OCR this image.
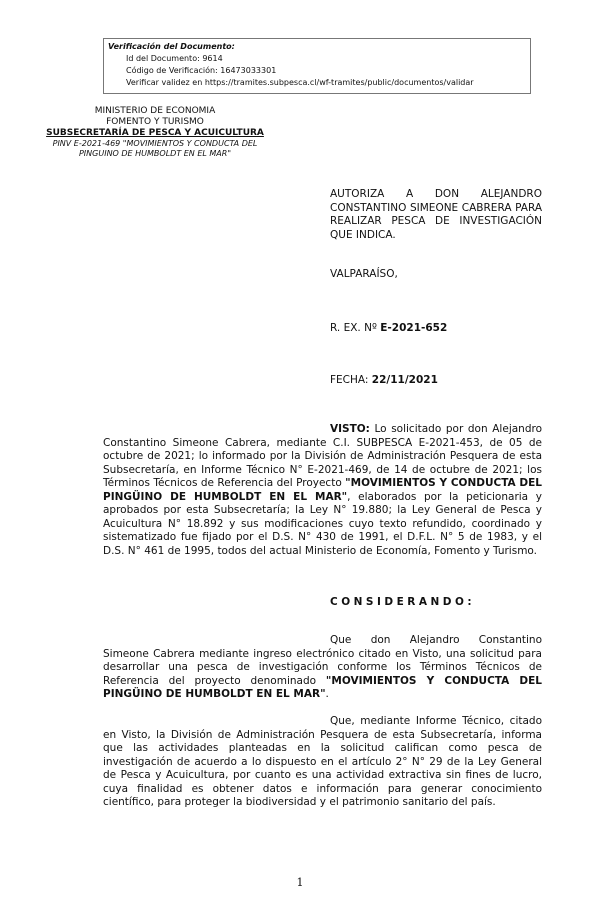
Verificación del Documento:
• Id del Documento: 9614
• Código de Verificación: 16473033301
• Verificar validez en https://tramites.subpesca.cl/wf-tramites/public/documentos/validar
MINISTERIO DE ECONOMIA
FOMENTO Y TURISMO
SUBSECRETARÍA DE PESCA Y ACUICULTURA
PINV E-2021-469 "MOVIMIENTOS Y CONDUCTA DEL
PINGUINO DE HUMBOLDT EN EL MAR"
AUTORIZA A DON ALEJANDRO CONSTANTINO SIMEONE CABRERA PARA REALIZAR PESCA DE INVESTIGACIÓN QUE INDICA.
VALPARAÍSO,
R. EX. Nº E-2021-652
FECHA: 22/11/2021
VISTO: Lo solicitado por don Alejandro Constantino Simeone Cabrera, mediante C.I. SUBPESCA E-2021-453, de 05 de octubre de 2021; lo informado por la División de Administración Pesquera de esta Subsecretaría, en Informe Técnico N° E-2021-469, de 14 de octubre de 2021; los Términos Técnicos de Referencia del Proyecto "MOVIMIENTOS Y CONDUCTA DEL PINGÜINO DE HUMBOLDT EN EL MAR", elaborados por la peticionaria y aprobados por esta Subsecretaría; la Ley N° 19.880; la Ley General de Pesca y Acuicultura N° 18.892 y sus modificaciones cuyo texto refundido, coordinado y sistematizado fue fijado por el D.S. N° 430 de 1991, el D.F.L. N° 5 de 1983, y el D.S. N° 461 de 1995, todos del actual Ministerio de Economía, Fomento y Turismo.
CONSIDERANDO:
Que don Alejandro Constantino Simeone Cabrera mediante ingreso electrónico citado en Visto, una solicitud para desarrollar una pesca de investigación conforme los Términos Técnicos de Referencia del proyecto denominado "MOVIMIENTOS Y CONDUCTA DEL PINGÜINO DE HUMBOLDT EN EL MAR".
Que, mediante Informe Técnico, citado en Visto, la División de Administración Pesquera de esta Subsecretaría, informa que las actividades planteadas en la solicitud califican como pesca de investigación de acuerdo a lo dispuesto en el artículo 2° N° 29 de la Ley General de Pesca y Acuicultura, por cuanto es una actividad extractiva sin fines de lucro, cuya finalidad es obtener datos e información para generar conocimiento científico, para proteger la biodiversidad y el patrimonio sanitario del país.
1
